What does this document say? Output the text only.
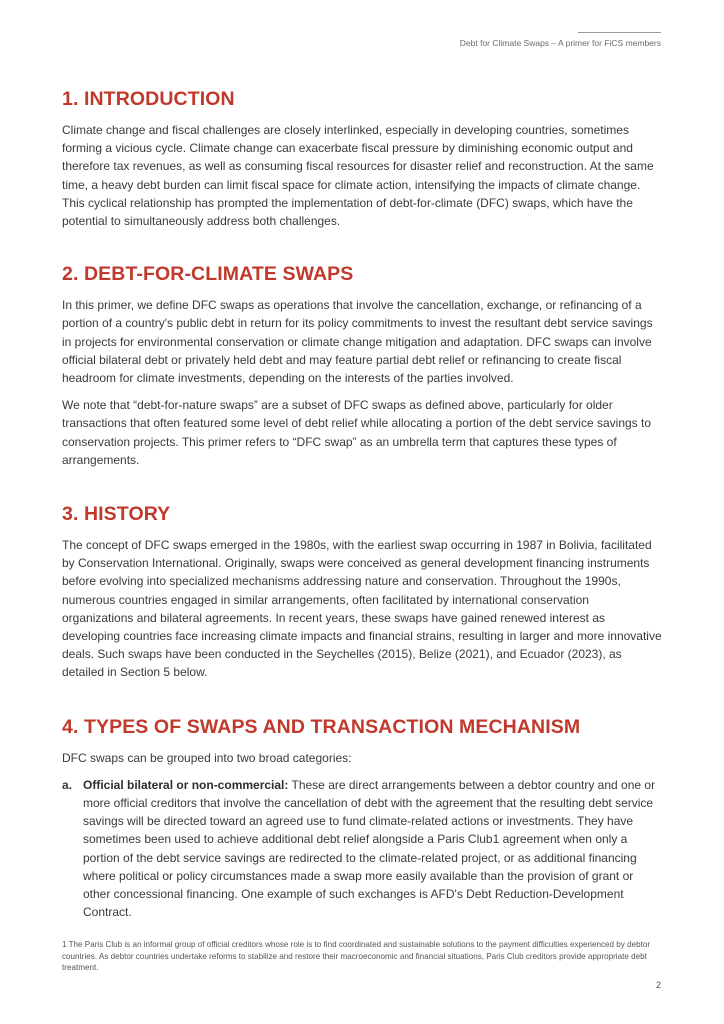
Debt for Climate Swaps – A primer for FiCS members
1. INTRODUCTION

Climate change and fiscal challenges are closely interlinked, especially in developing countries, sometimes forming a vicious cycle. Climate change can exacerbate fiscal pressure by diminishing economic output and therefore tax revenues, as well as consuming fiscal resources for disaster relief and reconstruction. At the same time, a heavy debt burden can limit fiscal space for climate action, intensifying the impacts of climate change. This cyclical relationship has prompted the implementation of debt-for-climate (DFC) swaps, which have the potential to simultaneously address both challenges.

2. DEBT-FOR-CLIMATE SWAPS

In this primer, we define DFC swaps as operations that involve the cancellation, exchange, or refinancing of a portion of a country's public debt in return for its policy commitments to invest the resultant debt service savings in projects for environmental conservation or climate change mitigation and adaptation. DFC swaps can involve official bilateral debt or privately held debt and may feature partial debt relief or refinancing to create fiscal headroom for climate investments, depending on the interests of the parties involved.

We note that “debt-for-nature swaps” are a subset of DFC swaps as defined above, particularly for older transactions that often featured some level of debt relief while allocating a portion of the debt service savings to conservation projects. This primer refers to “DFC swap” as an umbrella term that captures these types of arrangements.

3. HISTORY

The concept of DFC swaps emerged in the 1980s, with the earliest swap occurring in 1987 in Bolivia, facilitated by Conservation International. Originally, swaps were conceived as general development financing instruments before evolving into specialized mechanisms addressing nature and conservation. Throughout the 1990s, numerous countries engaged in similar arrangements, often facilitated by international conservation organizations and bilateral agreements. In recent years, these swaps have gained renewed interest as developing countries face increasing climate impacts and financial strains, resulting in larger and more innovative deals. Such swaps have been conducted in the Seychelles (2015), Belize (2021), and Ecuador (2023), as detailed in Section 5 below.

4. TYPES OF SWAPS AND TRANSACTION MECHANISM

DFC swaps can be grouped into two broad categories:

a. Official bilateral or non-commercial: These are direct arrangements between a debtor country and one or more official creditors that involve the cancellation of debt with the agreement that the resulting debt service savings will be directed toward an agreed use to fund climate-related actions or investments. They have sometimes been used to achieve additional debt relief alongside a Paris Club1 agreement when only a portion of the debt service savings are redirected to the climate-related project, or as additional financing where political or policy circumstances made a swap more easily available than the provision of grant or other concessional financing. One example of such exchanges is AFD's Debt Reduction-Development Contract.
1 The Paris Club is an informal group of official creditors whose role is to find coordinated and sustainable solutions to the payment difficulties experienced by debtor countries. As debtor countries undertake reforms to stabilize and restore their macroeconomic and financial situations, Paris Club creditors provide appropriate debt treatment.
2
